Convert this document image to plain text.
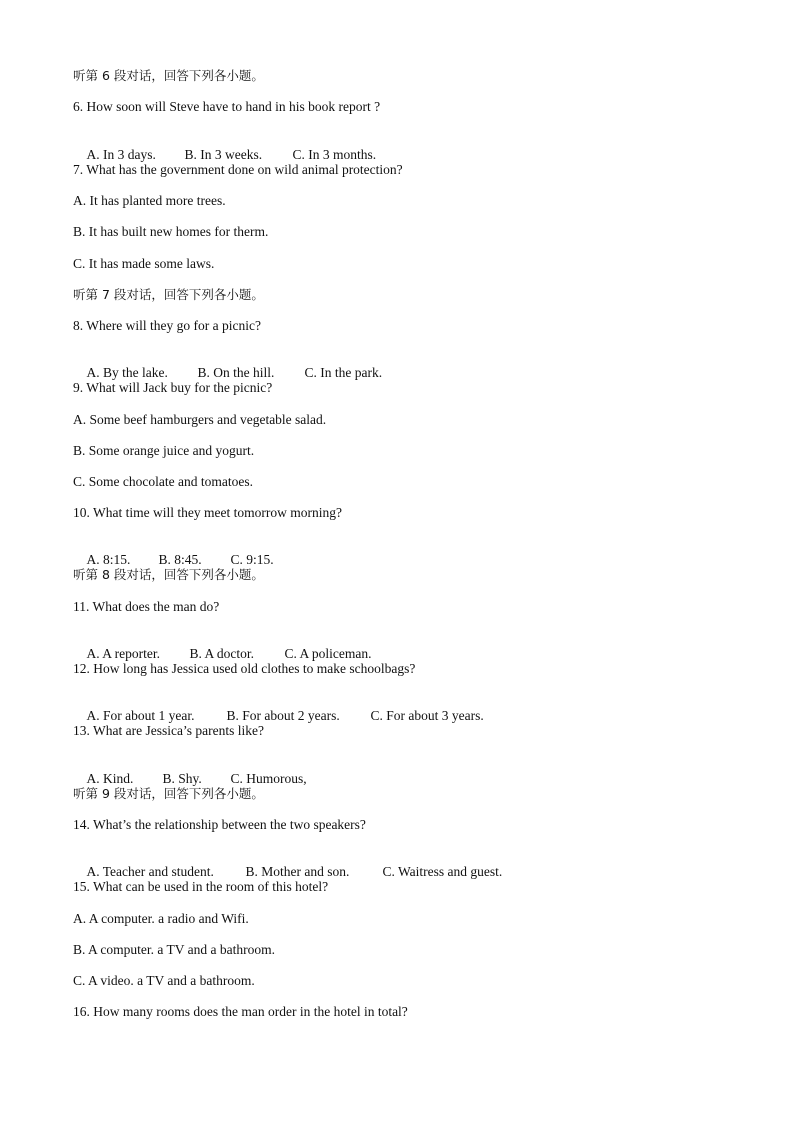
听第 6 段对话，回答下列各小题。
6. How soon will Steve have to hand in his book report ?

A. In 3 days. B. In 3 weeks. C. In 3 months.

7. What has the government done on wild animal protection?
A. It has planted more trees.
B. It has built new homes for therm.
C. It has made some laws.
听第 7 段对话，回答下列各小题。
8. Where will they go for a picnic?

A. By the lake. B. On the hill. C. In the park.

9. What will Jack buy for the picnic?
A. Some beef hamburgers and vegetable salad.
B. Some orange juice and yogurt.
C. Some chocolate and tomatoes.
10. What time will they meet tomorrow morning?

A. 8:15. B. 8:45. C. 9:15.

听第 8 段对话，回答下列各小题。
11. What does the man do?

A. A reporter. B. A doctor. C. A policeman.

12. How long has Jessica used old clothes to make schoolbags?

A. For about 1 year. B. For about 2 years. C. For about 3 years.

13. What are Jessica’s parents like?

A. Kind. B. Shy. C. Humorous,

听第 9 段对话，回答下列各小题。
14. What’s the relationship between the two speakers?

A. Teacher and student. B. Mother and son. C. Waitress and guest.

15. What can be used in the room of this hotel?
A. A computer. a radio and Wifi.
B. A computer. a TV and a bathroom.
C. A video. a TV and a bathroom.
16. How many rooms does the man order in the hotel in total?
